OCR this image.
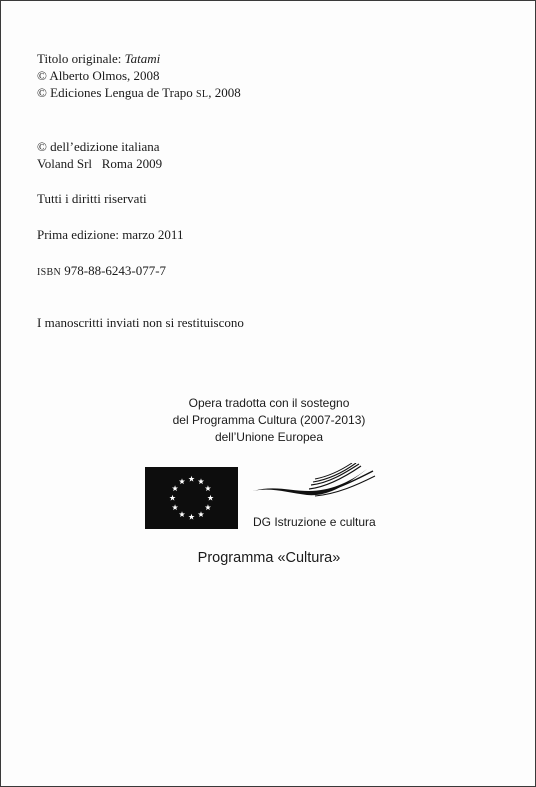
Titolo originale: Tatami
© Alberto Olmos, 2008
© Ediciones Lengua de Trapo SL, 2008
© dell’edizione italiana
Voland Srl   Roma 2009
Tutti i diritti riservati
Prima edizione: marzo 2011
ISBN 978-88-6243-077-7
I manoscritti inviati non si restituiscono
Opera tradotta con il sostegno
del Programma Cultura (2007-2013)
dell’Unione Europea
DG Istruzione e cultura
Programma «Cultura»
